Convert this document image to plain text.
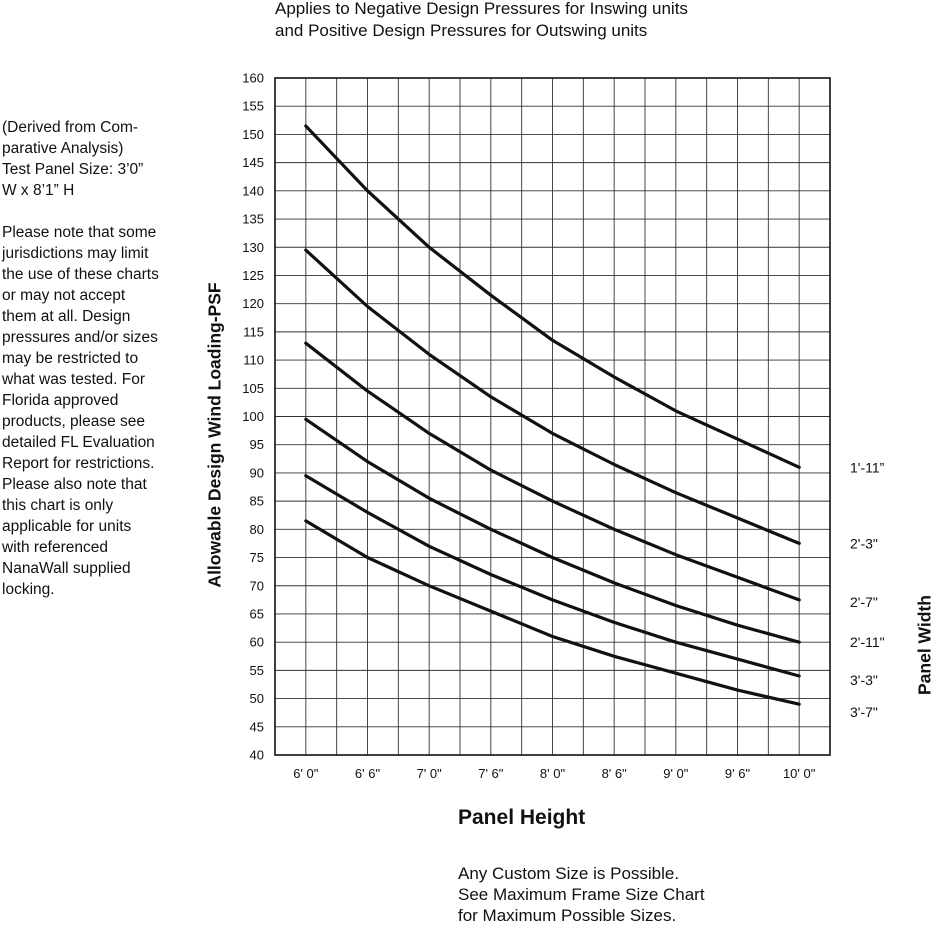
Applies to Negative Design Pressures for Inswing units
and Positive Design Pressures for Outswing units

(Derived from Com-
parative Analysis)
Test Panel Size: 3’0”
W x 8’1” H

Please note that some
jurisdictions may limit
the use of these charts
or may not accept
them at all. Design
pressures and/or sizes
may be restricted to
what was tested. For
Florida approved
products, please see
detailed FL Evaluation
Report for restrictions.
Please also note that
this chart is only
applicable for units
with referenced
NanaWall supplied
locking.

Allowable Design Wind Loading-PSF
Panel Height
Panel Width
Any Custom Size is Possible.
See Maximum Frame Size Chart
for Maximum Possible Sizes.
40
45
50
55
60
65
70
75
80
85
90
95
100
105
110
115
120
125
130
135
140
145
150
155
160
6' 0"	6' 6"	7' 0"	7' 6"	8' 0"	8' 6"	9' 0"	9' 6"	10' 0"
1'-11”
2'-3"
2'-7"
2'-11"
3'-3"
3'-7"
